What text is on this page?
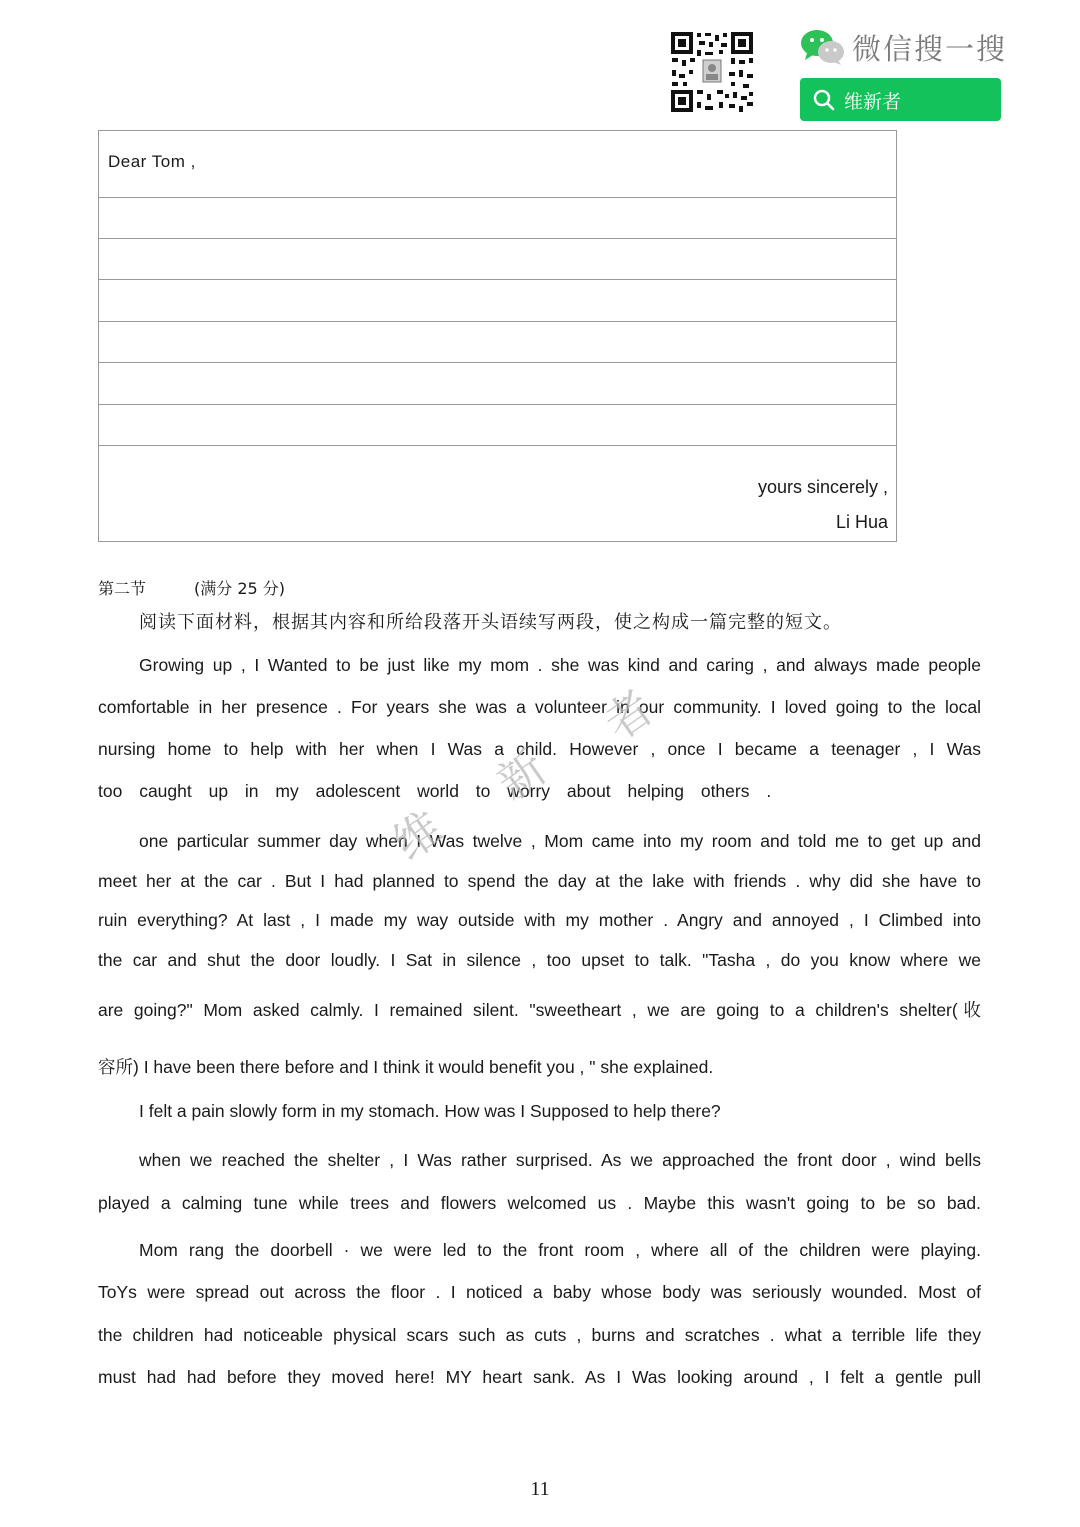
微信搜一搜
维新者
Dear Tom ,
yours sincerely ,
Li Hua
第二节	(满分 25 分)
阅读下面材料，根据其内容和所给段落开头语续写两段，使之构成一篇完整的短文。
Growing up , I Wanted to be just like my mom . she was kind and caring , and always made people
comfortable in her presence . For years she was a volunteer in our community. I loved going to the local
nursing home to help with her when I Was a child. However , once I became a teenager , I Was
too caught up in my adolescent world to worry about helping others .
one particular summer day when I Was twelve , Mom came into my room and told me to get up and
meet her at the car . But I had planned to spend the day at the lake with friends . why did she have to
ruin everything? At last , I made my way outside with my mother . Angry and annoyed , I Climbed into
the car and shut the door loudly. I Sat in silence , too upset to talk. "Tasha , do you know where we
are going?" Mom asked calmly. I remained silent. "sweetheart , we are going to a children's shelter(收
容所) I have been there before and I think it would benefit you , " she explained.
I felt a pain slowly form in my stomach. How was I Supposed to help there?
when we reached the shelter , I Was rather surprised. As we approached the front door , wind bells
played a calming tune while trees and flowers welcomed us . Maybe this wasn't going to be so bad.
Mom rang the doorbell · we were led to the front room , where all of the children were playing.
ToYs were spread out across the floor . I noticed a baby whose body was seriously wounded. Most of
the children had noticeable physical scars such as cuts , burns and scratches . what a terrible life they
must had had before they moved here! MY heart sank. As I Was looking around , I felt a gentle pull
维
新
者
11
